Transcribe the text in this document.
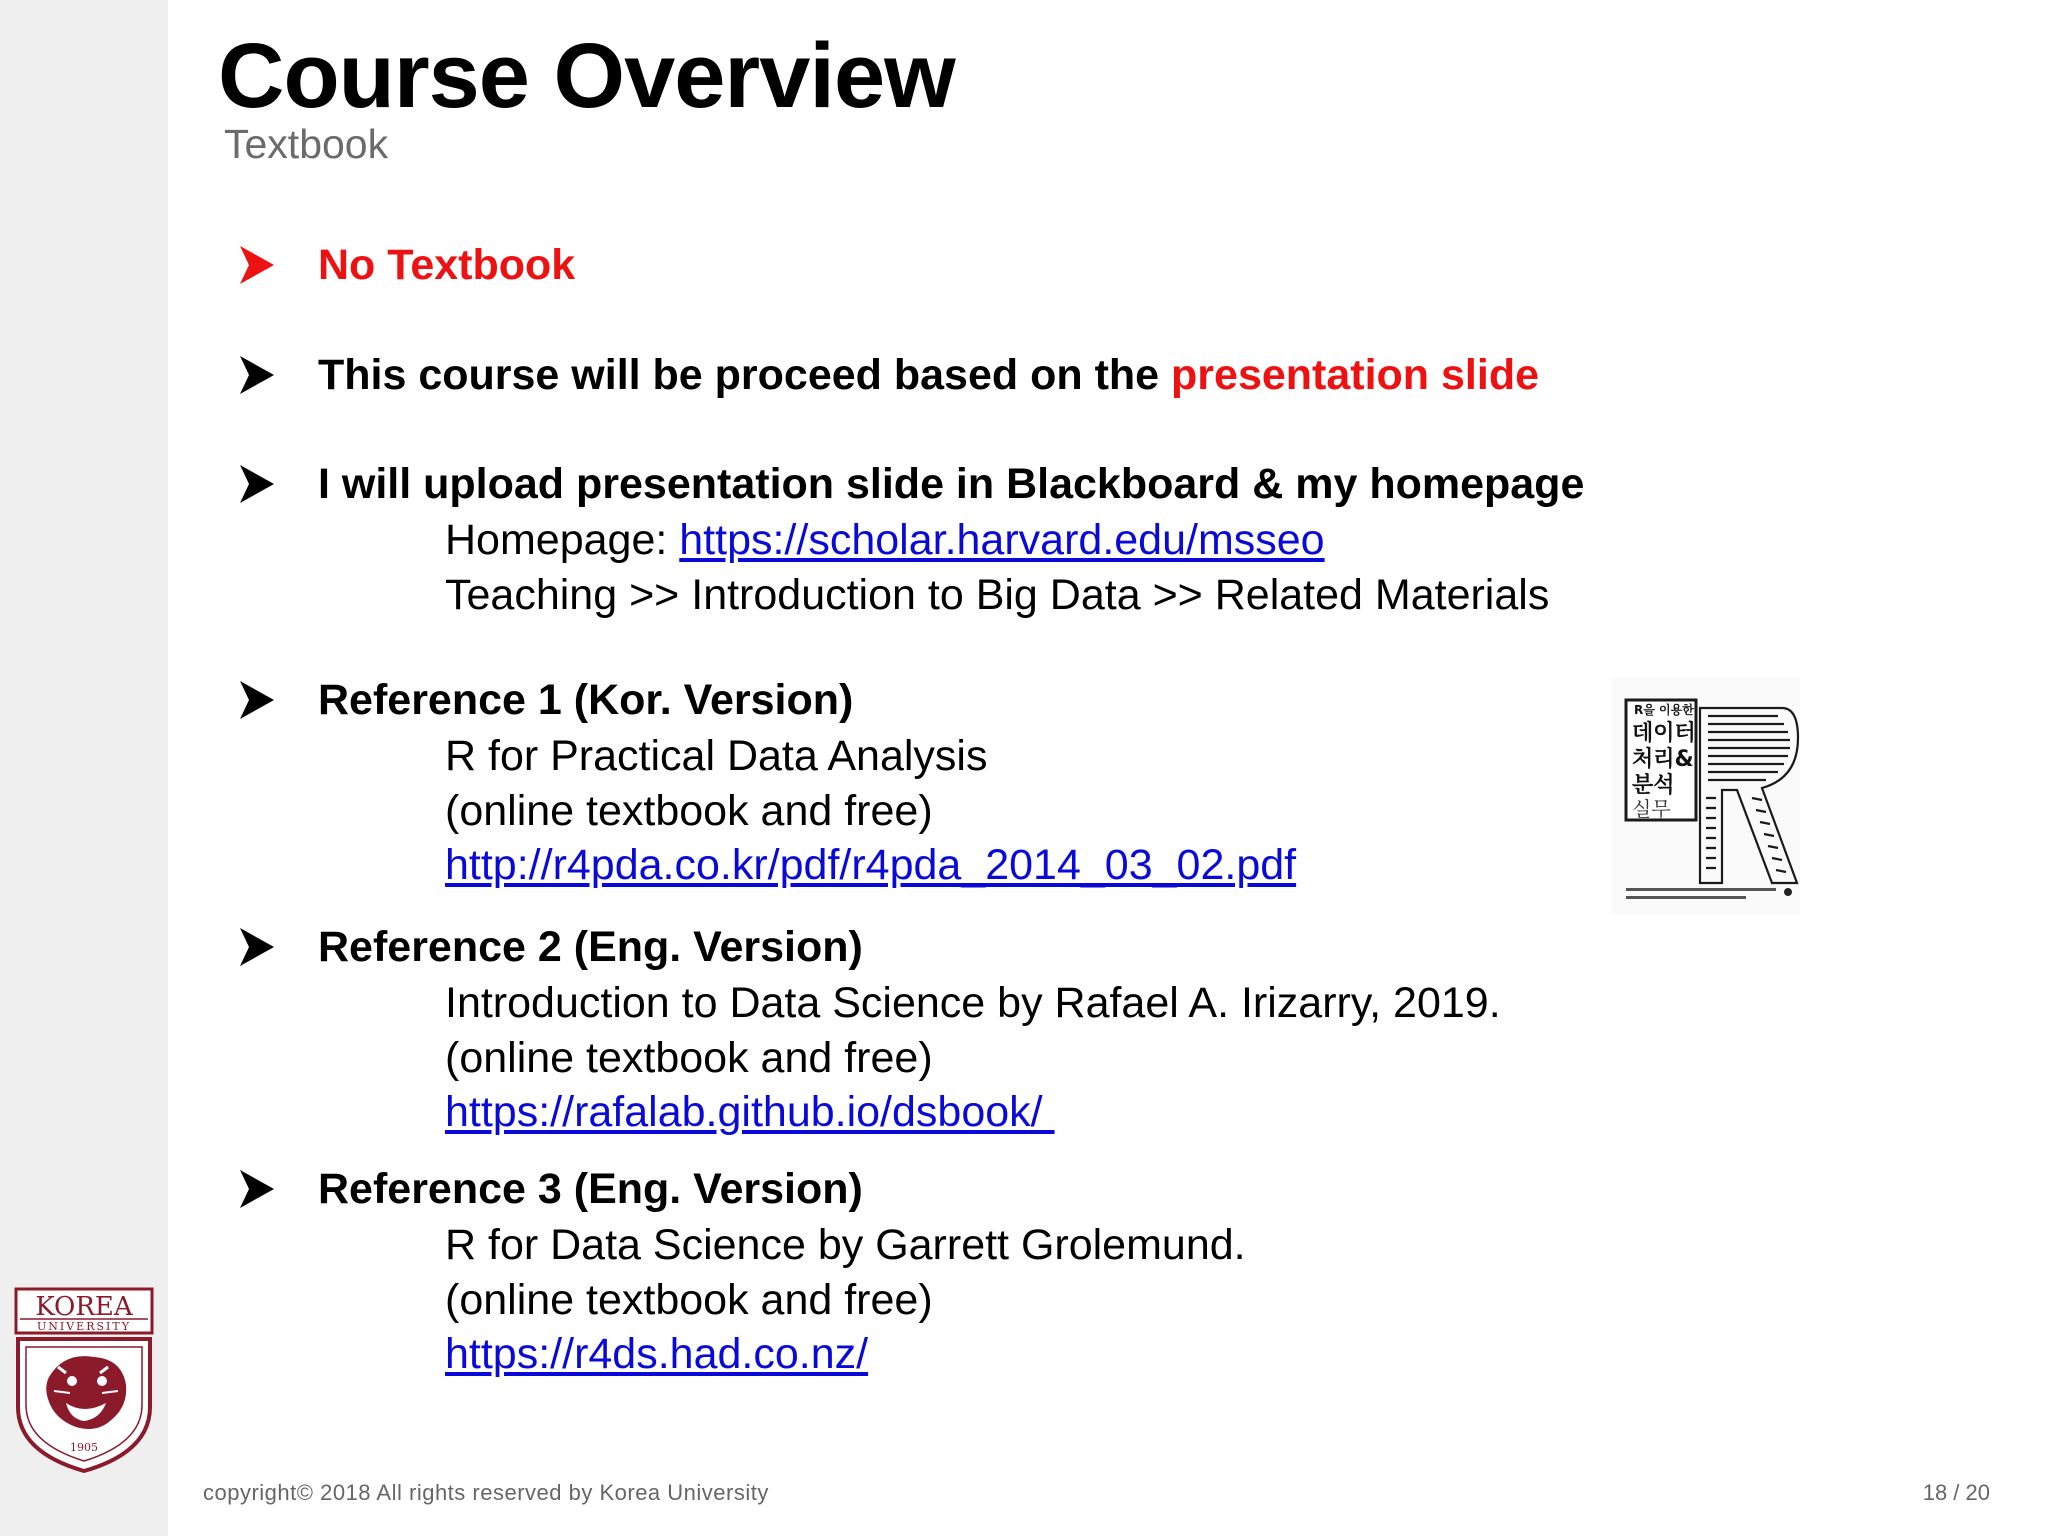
KOREA
UNIVERSITY
1905
Course Overview
Textbook
No Textbook
This course will be proceed based on the presentation slide
I will upload presentation slide in Blackboard & my homepage
Homepage: https://scholar.harvard.edu/msseo
Teaching >> Introduction to Big Data >> Related Materials
Reference 1 (Kor. Version)
R for Practical Data Analysis
(online textbook and free)
http://r4pda.co.kr/pdf/r4pda_2014_03_02.pdf
Reference 2 (Eng. Version)
Introduction to Data Science by Rafael A. Irizarry, 2019.
(online textbook and free)
https://rafalab.github.io/dsbook/
Reference 3 (Eng. Version)
R for Data Science by Garrett Grolemund.
(online textbook and free)
https://r4ds.had.co.nz/
R을 이용한
데이터
처리&
분석
실무
copyright© 2018 All rights reserved by Korea University	18 / 20
